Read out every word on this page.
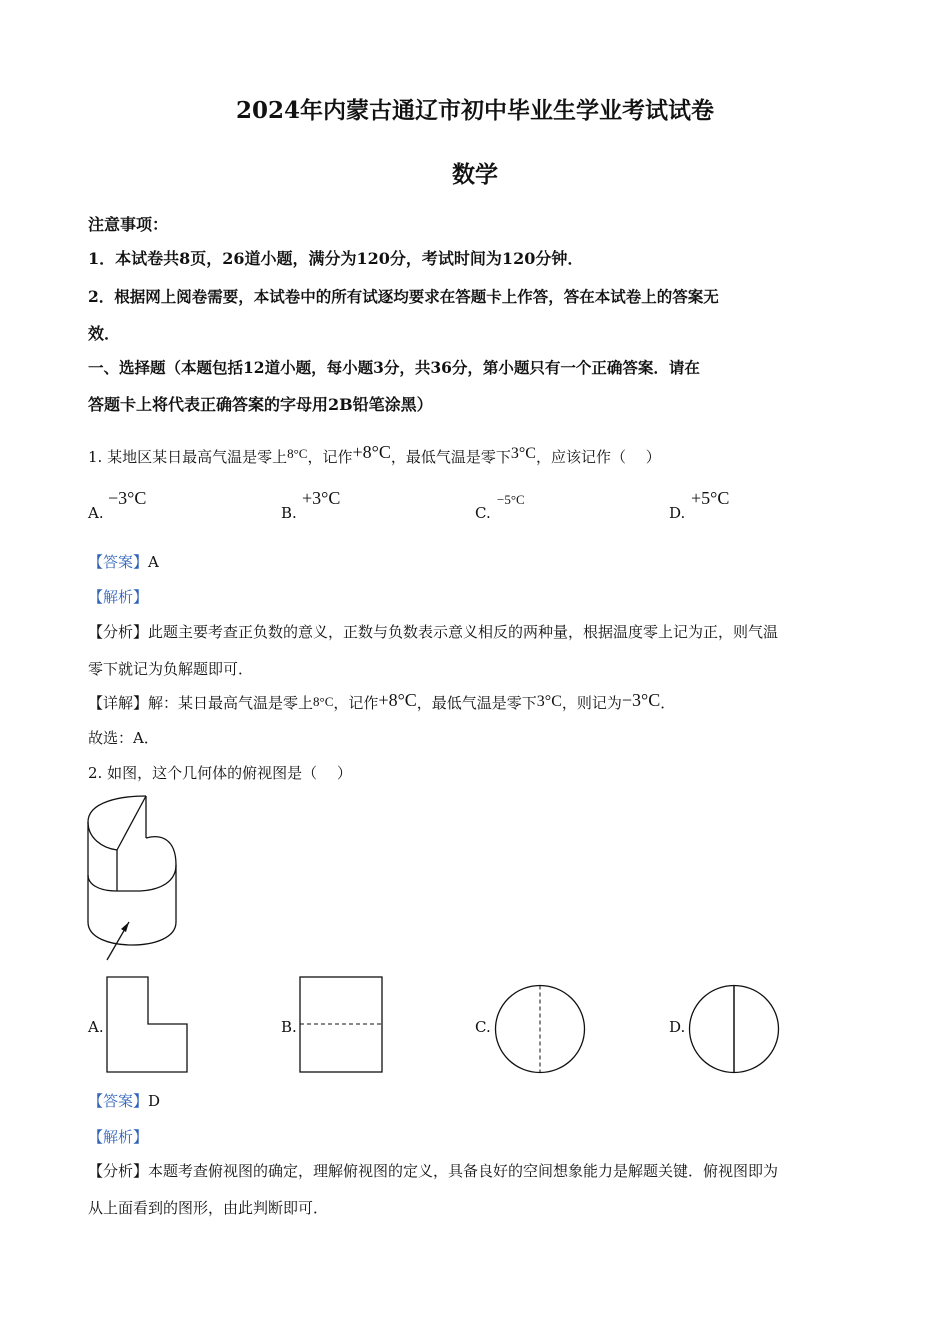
2024年内蒙古通辽市初中毕业生学业考试试卷
数学
注意事项：
1．本试卷共8页，26道小题，满分为120分，考试时间为120分钟．
2．根据网上阅卷需要，本试卷中的所有试逐均要求在答题卡上作答，答在本试卷上的答案无
效．
一、选择题（本题包括12道小题，每小题3分，共36分，第小题只有一个正确答案．请在
答题卡上将代表正确答案的字母用2B铅笔涂黑）
1. 某地区某日最高气温是零上8°C，记作+8°C，最低气温是零下3°C，应该记作（　 ）
A.
−3°C
B.
+3°C
C.
−5°C
D.
+5°C
【答案】A
【解析】
【分析】此题主要考查正负数的意义，正数与负数表示意义相反的两种量，根据温度零上记为正，则气温
零下就记为负解题即可．
【详解】解：某日最高气温是零上8°C，记作+8°C，最低气温是零下3°C，则记为−3°C．
故选：A．
2. 如图，这个几何体的俯视图是（　 ）
A.	B.	C.	D.
【答案】D
【解析】
【分析】本题考查俯视图的确定，理解俯视图的定义，具备良好的空间想象能力是解题关键．俯视图即为
从上面看到的图形，由此判断即可．
